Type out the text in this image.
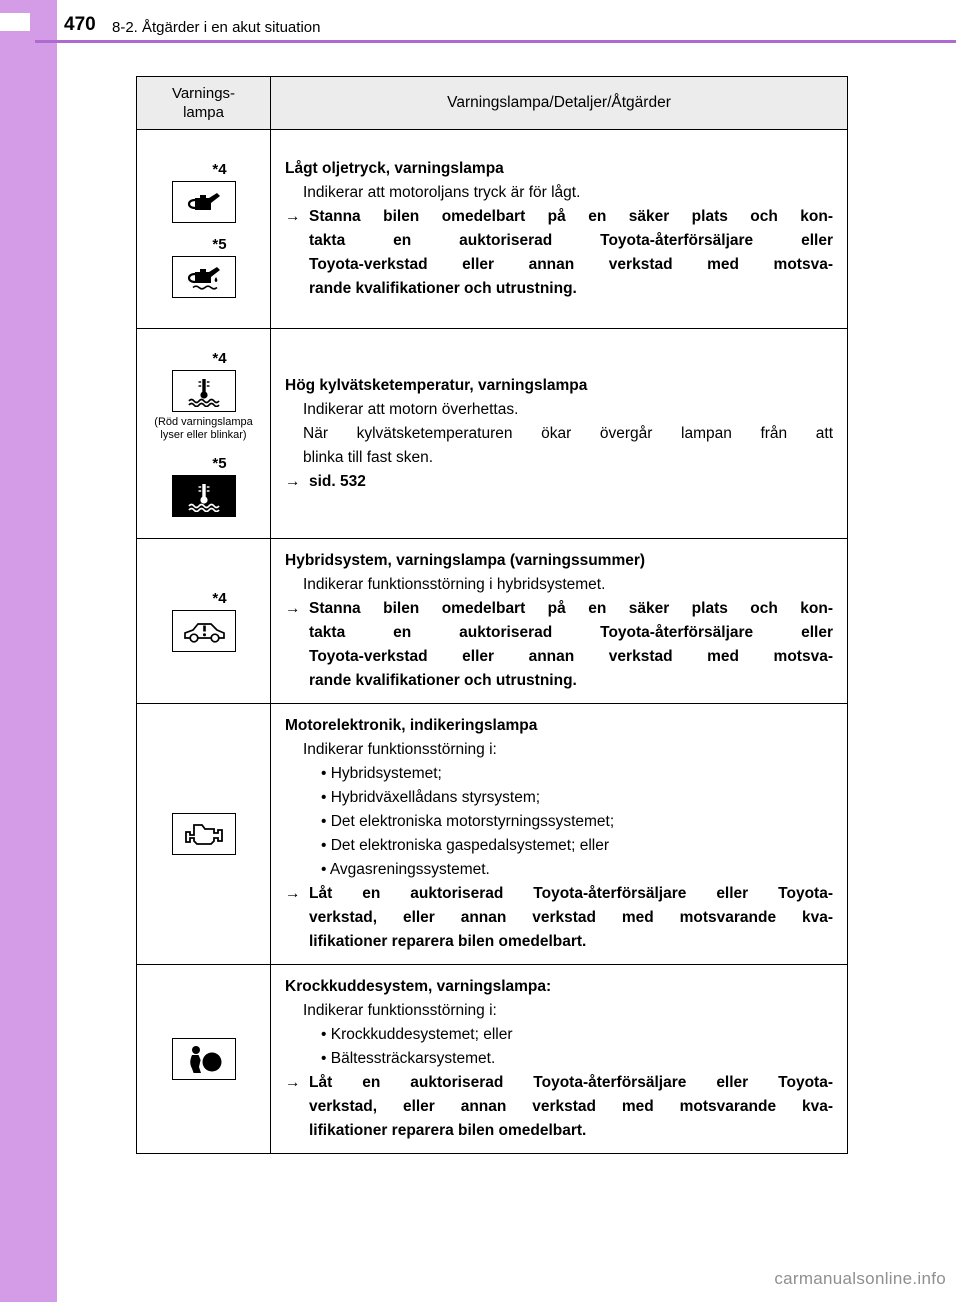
470 8-2. Åtgärder i en akut situation
Varnings-
lampa
Varningslampa/Detaljer/Åtgärder
*4
*5
Lågt oljetryck, varningslampa
Indikerar att motoroljans tryck är för lågt.
→ Stanna bilen omedelbart på en säker plats och kon-
takta en auktoriserad Toyota-återförsäljare eller
Toyota-verkstad eller annan verkstad med motsva-
rande kvalifikationer och utrustning.
*4
(Röd varningslampa
lyser eller blinkar)
*5
Hög kylvätsketemperatur, varningslampa
Indikerar att motorn överhettas.
När kylvätsketemperaturen ökar övergår lampan från att
blinka till fast sken.
→ sid. 532
*4
Hybridsystem, varningslampa (varningssummer)
Indikerar funktionsstörning i hybridsystemet.
→ Stanna bilen omedelbart på en säker plats och kon-
takta en auktoriserad Toyota-återförsäljare eller
Toyota-verkstad eller annan verkstad med motsva-
rande kvalifikationer och utrustning.
Motorelektronik, indikeringslampa
Indikerar funktionsstörning i:
• Hybridsystemet;
• Hybridväxellådans styrsystem;
• Det elektroniska motorstyrningssystemet;
• Det elektroniska gaspedalsystemet; eller
• Avgasreningssystemet.
→ Låt en auktoriserad Toyota-återförsäljare eller Toyota-
verkstad, eller annan verkstad med motsvarande kva-
lifikationer reparera bilen omedelbart.
Krockkuddesystem, varningslampa:
Indikerar funktionsstörning i:
• Krockkuddesystemet; eller
• Bältessträckarsystemet.
→ Låt en auktoriserad Toyota-återförsäljare eller Toyota-
verkstad, eller annan verkstad med motsvarande kva-
lifikationer reparera bilen omedelbart.
carmanualsonline.info
